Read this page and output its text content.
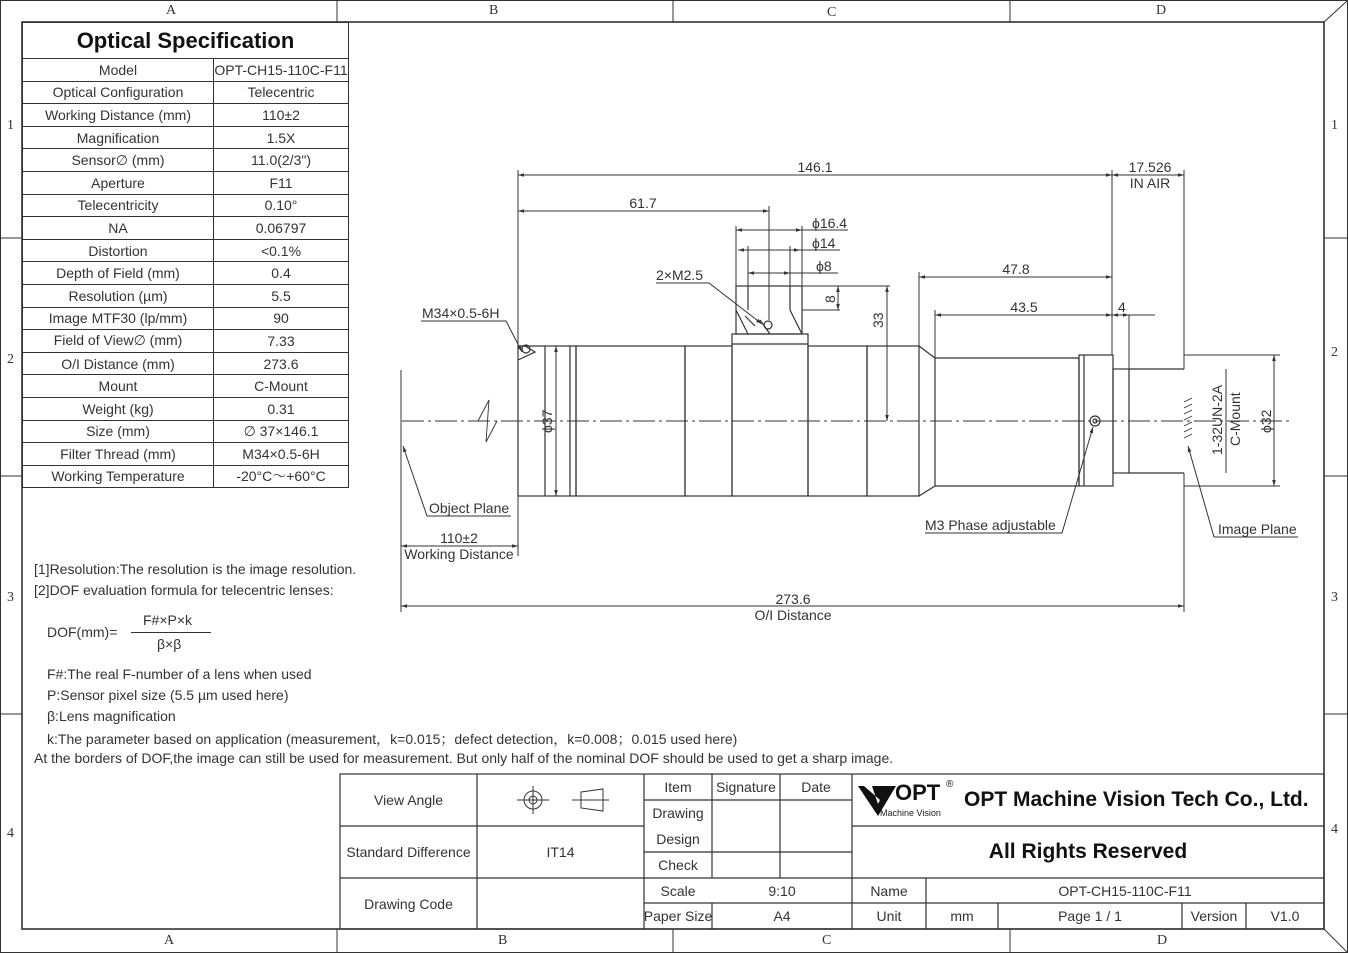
A	B	C	D
A	B	C	D
1
2
3
4
1
2
3
4
Optical Specification	
Model	OPT-CH15-110C-F11
Optical Configuration	Telecentric
Working Distance (mm)	110±2
Magnification	1.5X
Sensor∅ (mm)	11.0(2/3")
Aperture	F11
Telecentricity	0.10°
NA	0.06797
Distortion	<0.1%
Depth of Field (mm)	0.4
Resolution (µm)	5.5
Image MTF30 (lp/mm)	90
Field of View∅ (mm)	7.33
O/I Distance (mm)	273.6
Mount	C-Mount
Weight (kg)	0.31
Size (mm)	∅ 37×146.1
Filter Thread (mm)	M34×0.5-6H
Working Temperature	-20°C～+60°C
[1]Resolution:The resolution is the image resolution.
[2]DOF evaluation formula for telecentric lenses:
DOF(mm)=
F#×P×k
β×β
F#:The real F-number of a lens when used
P:Sensor pixel size (5.5 µm used here)
β:Lens magnification
k:The parameter based on application (measurement，k=0.015；defect detection，k=0.008；0.015 used here)
At the borders of DOF,the image can still be used for measurement. But only half of the nominal DOF should be used to get a sharp image.
146.1	17.526
IN AIR
61.7
ϕ16.4
ϕ14
ϕ8
2×M2.5
M34×0.5-6H
8
33
47.8
43.5	4
ϕ37	ϕ32
1-32UN-2A C-Mount
Object Plane
110±2
Working Distance
M3 Phase adjustable	Image Plane
273.6
O/I Distance
View Angle
Standard Difference	IT14
Drawing Code
Item	Signature	Date
Drawing
Design
Check
Scale	9:10
Paper Size	A4
OPT
Machine Vision
®
OPT Machine Vision Tech Co., Ltd.
All Rights Reserved
Name	OPT-CH15-110C-F11
Unit	mm	Page 1 / 1	Version	V1.0
